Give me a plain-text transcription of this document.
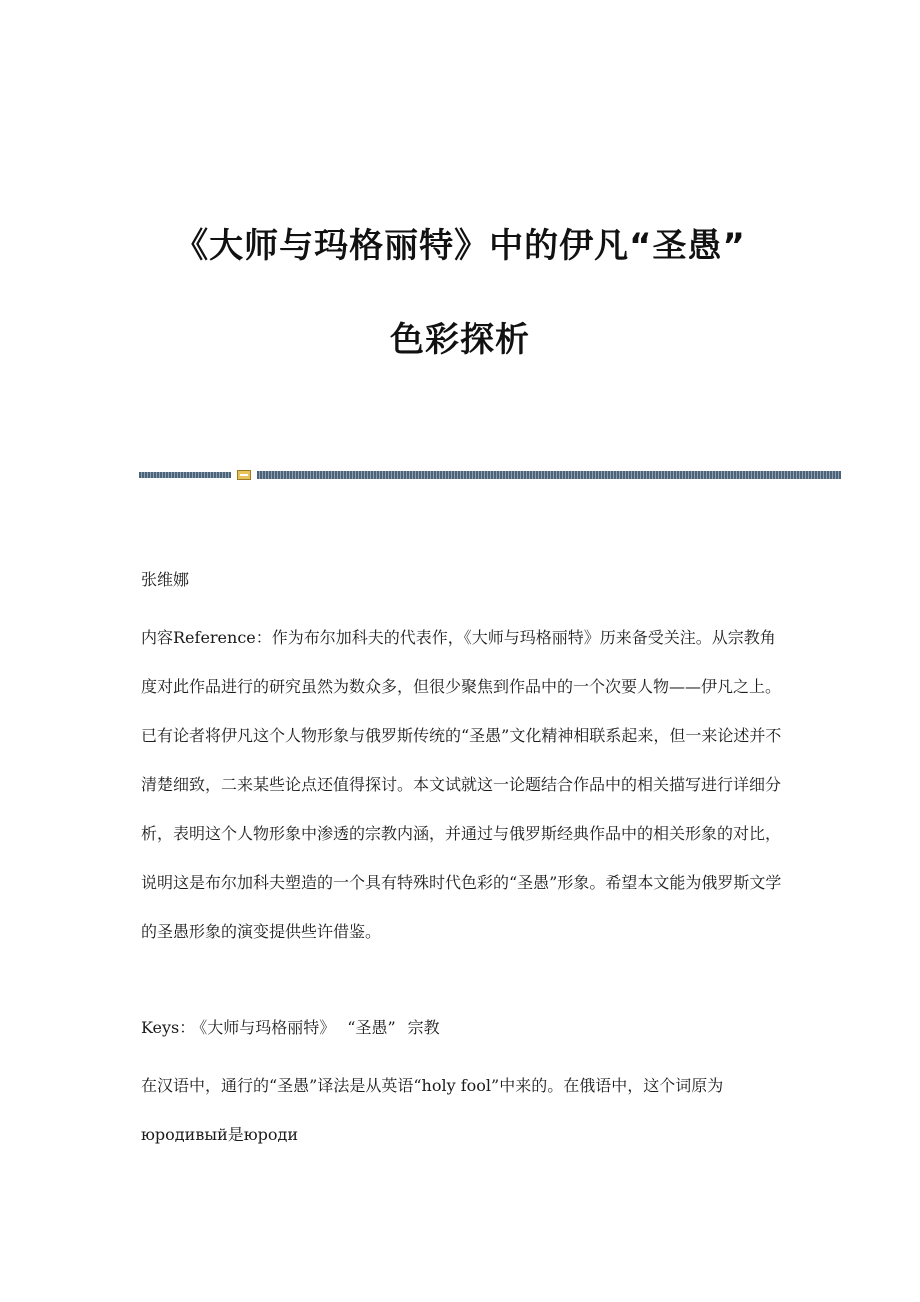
《大师与玛格丽特》中的伊凡“圣愚”
色彩探析

张维娜

内容Reference：作为布尔加科夫的代表作，《大师与玛格丽特》历来备受关注。从宗教角度对此作品进行的研究虽然为数众多，但很少聚焦到作品中的一个次要人物——伊凡之上。已有论者将伊凡这个人物形象与俄罗斯传统的“圣愚”文化精神相联系起来，但一来论述并不清楚细致，二来某些论点还值得探讨。本文试就这一论题结合作品中的相关描写进行详细分析，表明这个人物形象中渗透的宗教内涵，并通过与俄罗斯经典作品中的相关形象的对比，说明这是布尔加科夫塑造的一个具有特殊时代色彩的“圣愚”形象。希望本文能为俄罗斯文学的圣愚形象的演变提供些许借鉴。

Keys： 《大师与玛格丽特》 “圣愚” 宗教

在汉语中，通行的“圣愚”译法是从英语“holy fool”中来的。在俄语中，这个词原为юродивый是юроди
